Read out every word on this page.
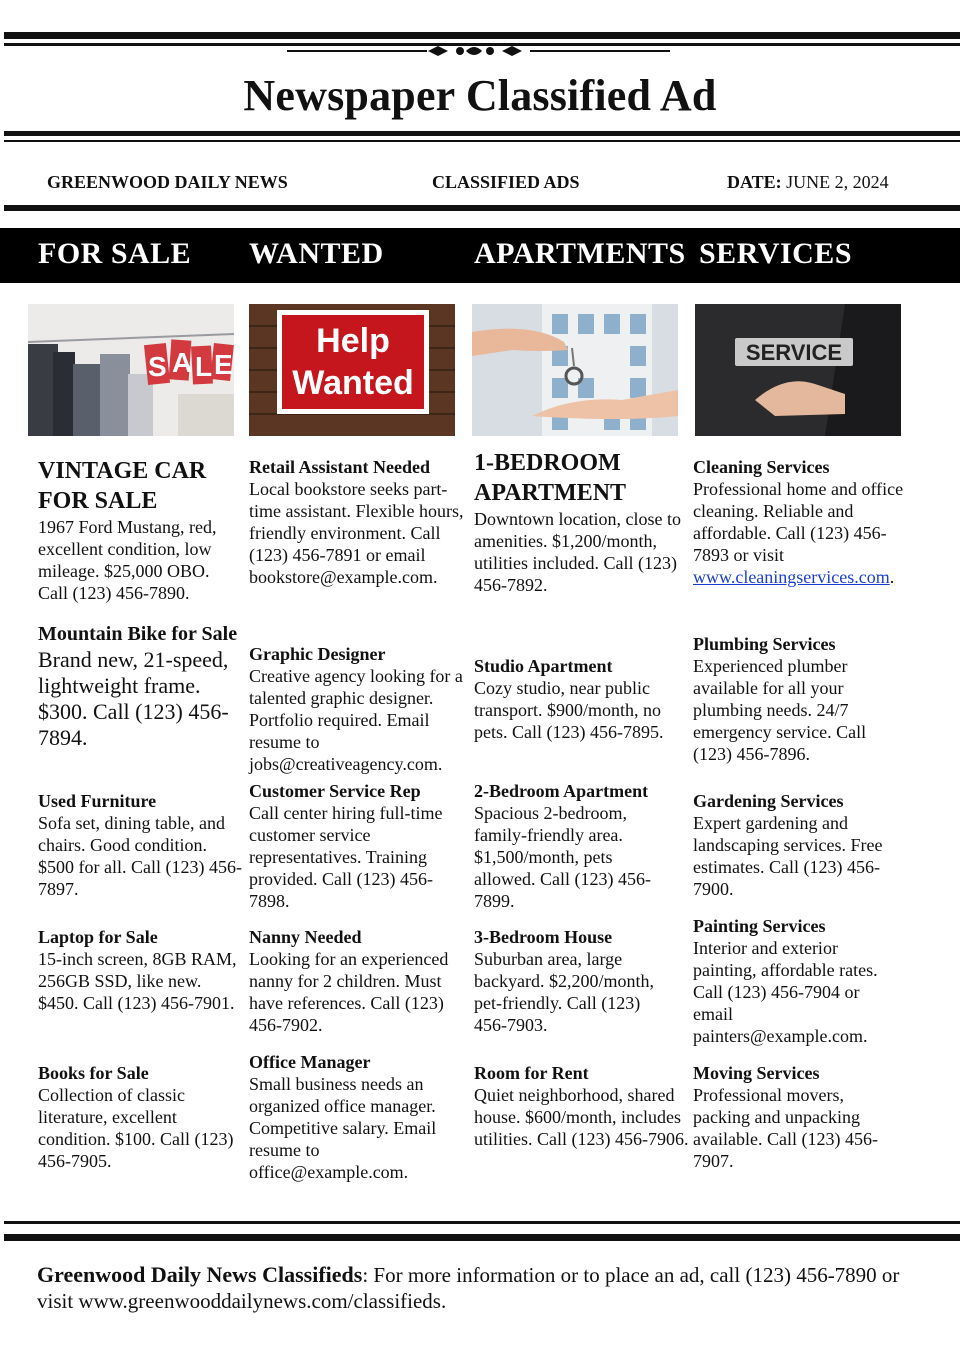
Newspaper Classified Ad
GREENWOOD DAILY NEWS	CLASSIFIED ADS	DATE: JUNE 2, 2024
FOR SALE WANTED	APARTMENTS SERVICES
S A L E
Help
Wanted
SERVICE
VINTAGE CAR FOR SALE
1967 Ford Mustang, red, excellent condition, low mileage. $25,000 OBO. Call (123) 456-7890.
Mountain Bike for Sale
Brand new, 21-speed, lightweight frame. $300. Call (123) 456-7894.
Used Furniture
Sofa set, dining table, and chairs. Good condition. $500 for all. Call (123) 456-7897.
Laptop for Sale
15-inch screen, 8GB RAM, 256GB SSD, like new. $450. Call (123) 456-7901.
Books for Sale
Collection of classic literature, excellent condition. $100. Call (123) 456-7905.
Retail Assistant Needed
Local bookstore seeks part-time assistant. Flexible hours, friendly environment. Call (123) 456-7891 or email bookstore@example.com.
Graphic Designer
Creative agency looking for a talented graphic designer. Portfolio required. Email resume to jobs@creativeagency.com.
Customer Service Rep
Call center hiring full-time customer service representatives. Training provided. Call (123) 456-7898.
Nanny Needed
Looking for an experienced nanny for 2 children. Must have references. Call (123) 456-7902.
Office Manager
Small business needs an organized office manager. Competitive salary. Email resume to office@example.com.
1-BEDROOM APARTMENT
Downtown location, close to amenities. $1,200/month, utilities included. Call (123) 456-7892.
Studio Apartment
Cozy studio, near public transport. $900/month, no pets. Call (123) 456-7895.
2-Bedroom Apartment
Spacious 2-bedroom, family-friendly area. $1,500/month, pets allowed. Call (123) 456-7899.
3-Bedroom House
Suburban area, large backyard. $2,200/month, pet-friendly. Call (123) 456-7903.
Room for Rent
Quiet neighborhood, shared house. $600/month, includes utilities. Call (123) 456-7906.
Cleaning Services
Professional home and office cleaning. Reliable and affordable. Call (123) 456-7893 or visit www.cleaningservices.com.
Plumbing Services
Experienced plumber available for all your plumbing needs. 24/7 emergency service. Call (123) 456-7896.
Gardening Services
Expert gardening and landscaping services. Free estimates. Call (123) 456-7900.
Painting Services
Interior and exterior painting, affordable rates. Call (123) 456-7904 or email painters@example.com.
Moving Services
Professional movers, packing and unpacking available. Call (123) 456-7907.
Greenwood Daily News Classifieds: For more information or to place an ad, call (123) 456-7890 or visit www.greenwooddailynews.com/classifieds.
